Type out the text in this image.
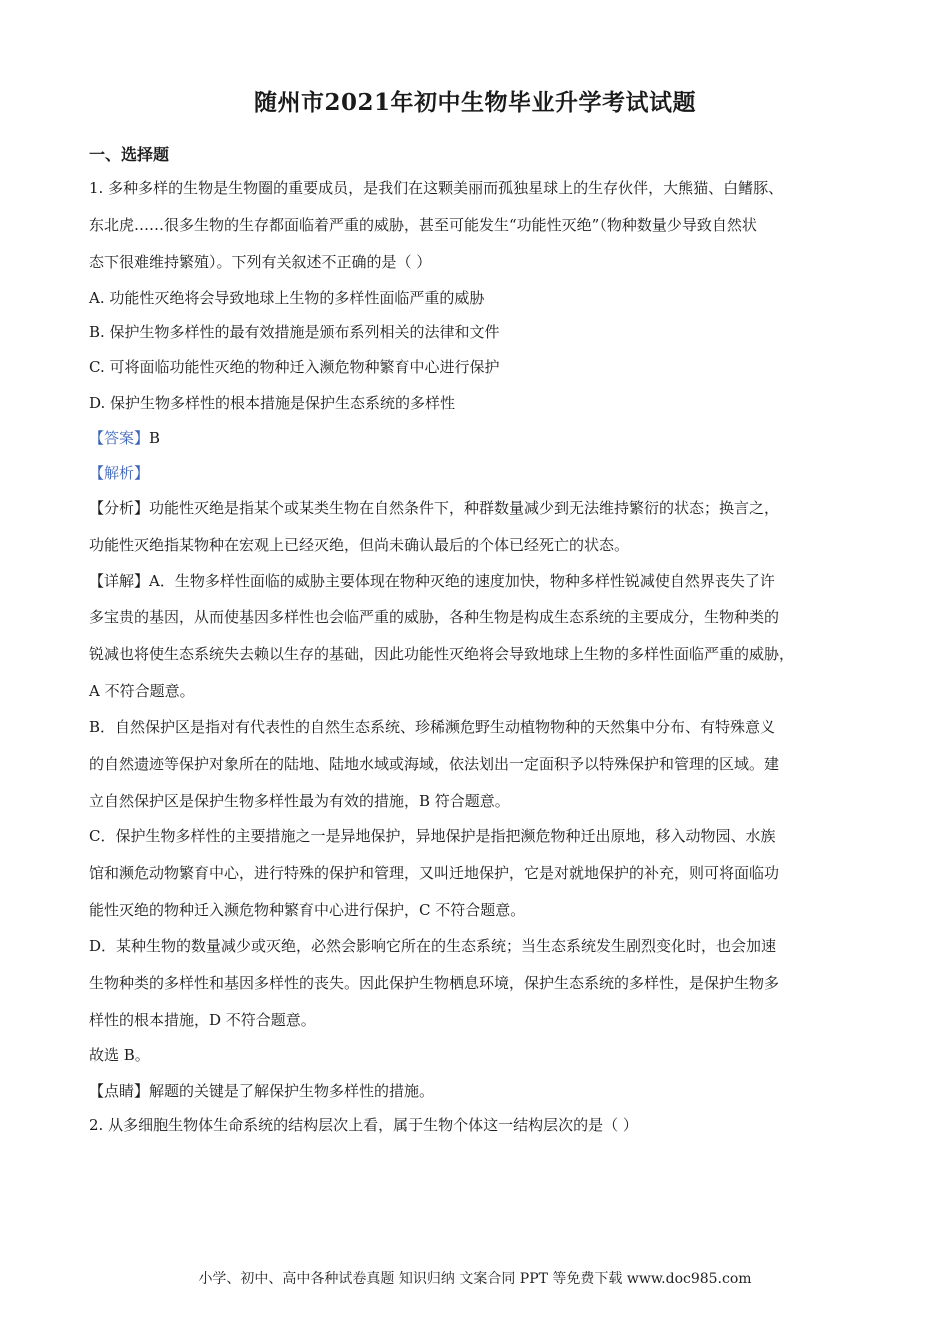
随州市2021年初中生物毕业升学考试试题
一、选择题
1. 多种多样的生物是生物圈的重要成员，是我们在这颗美丽而孤独星球上的生存伙伴，大熊猫、白鳍豚、
东北虎……很多生物的生存都面临着严重的威胁，甚至可能发生“功能性灭绝”（物种数量少导致自然状
态下很难维持繁殖）。下列有关叙述不正确的是（ ）
A. 功能性灭绝将会导致地球上生物的多样性面临严重的威胁
B. 保护生物多样性的最有效措施是颁布系列相关的法律和文件
C. 可将面临功能性灭绝的物种迁入濒危物种繁育中心进行保护
D. 保护生物多样性的根本措施是保护生态系统的多样性
【答案】B
【解析】
【分析】功能性灭绝是指某个或某类生物在自然条件下，种群数量减少到无法维持繁衍的状态；换言之，
功能性灭绝指某物种在宏观上已经灭绝，但尚未确认最后的个体已经死亡的状态。
【详解】A．生物多样性面临的威胁主要体现在物种灭绝的速度加快，物种多样性锐减使自然界丧失了许
多宝贵的基因，从而使基因多样性也会临严重的威胁，各种生物是构成生态系统的主要成分，生物种类的
锐减也将使生态系统失去赖以生存的基础，因此功能性灭绝将会导致地球上生物的多样性面临严重的威胁，
A 不符合题意。
B．自然保护区是指对有代表性的自然生态系统、珍稀濒危野生动植物物种的天然集中分布、有特殊意义
的自然遗迹等保护对象所在的陆地、陆地水域或海域，依法划出一定面积予以特殊保护和管理的区域。建
立自然保护区是保护生物多样性最为有效的措施，B 符合题意。
C．保护生物多样性的主要措施之一是异地保护，异地保护是指把濒危物种迁出原地，移入动物园、水族
馆和濒危动物繁育中心，进行特殊的保护和管理，又叫迁地保护，它是对就地保护的补充，则可将面临功
能性灭绝的物种迁入濒危物种繁育中心进行保护，C 不符合题意。
D．某种生物的数量减少或灭绝，必然会影响它所在的生态系统；当生态系统发生剧烈变化时，也会加速
生物种类的多样性和基因多样性的丧失。因此保护生物栖息环境，保护生态系统的多样性，是保护生物多
样性的根本措施，D 不符合题意。
故选 B。
【点睛】解题的关键是了解保护生物多样性的措施。
2. 从多细胞生物体生命系统的结构层次上看，属于生物个体这一结构层次的是（ ）
小学、初中、高中各种试卷真题 知识归纳 文案合同 PPT 等免费下载 www.doc985.com
